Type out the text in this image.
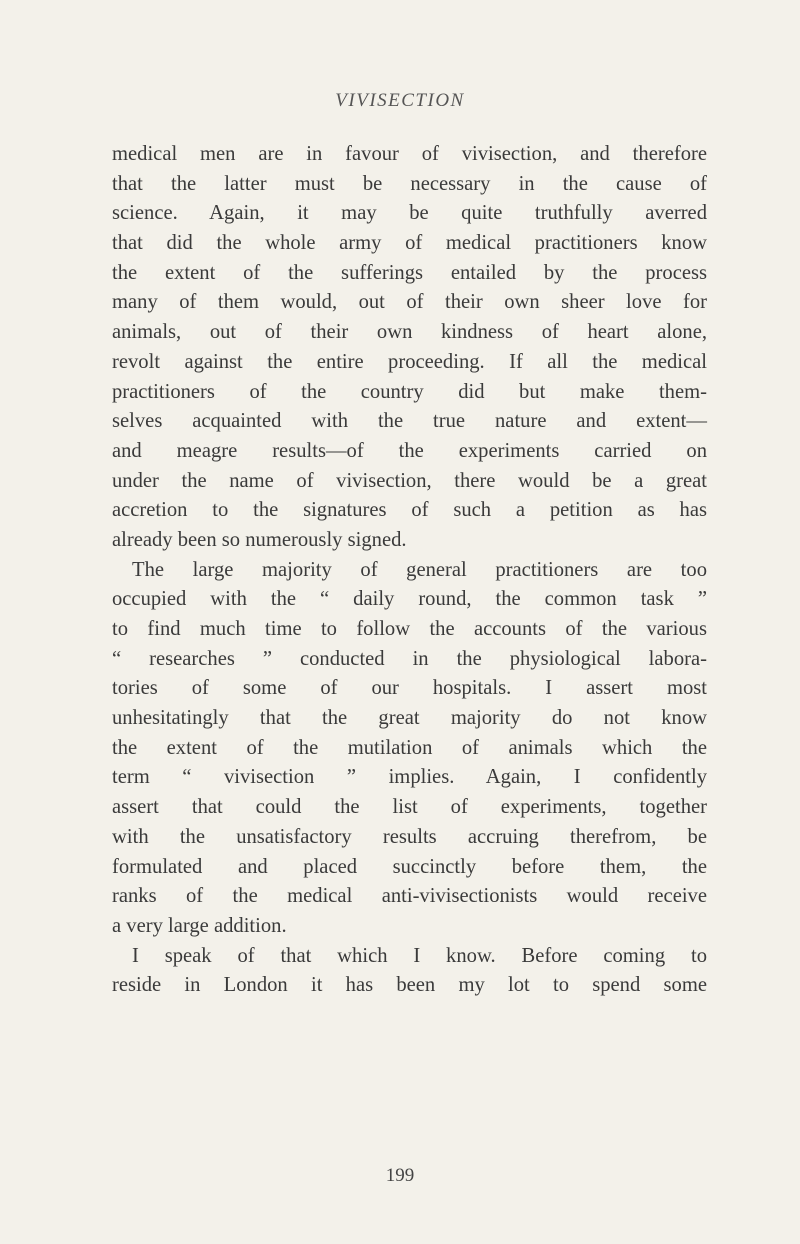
VIVISECTION
medical men are in favour of vivisection, and therefore
that the latter must be necessary in the cause of
science. Again, it may be quite truthfully averred
that did the whole army of medical practitioners know
the extent of the sufferings entailed by the process
many of them would, out of their own sheer love for
animals, out of their own kindness of heart alone,
revolt against the entire proceeding. If all the medical
practitioners of the country did but make them-
selves acquainted with the true nature and extent—
and meagre results—of the experiments carried on
under the name of vivisection, there would be a great
accretion to the signatures of such a petition as has
already been so numerously signed.
The large majority of general practitioners are too
occupied with the “ daily round, the common task ”
to find much time to follow the accounts of the various
“ researches ” conducted in the physiological labora-
tories of some of our hospitals. I assert most
unhesitatingly that the great majority do not know
the extent of the mutilation of animals which the
term “ vivisection ” implies. Again, I confidently
assert that could the list of experiments, together
with the unsatisfactory results accruing therefrom, be
formulated and placed succinctly before them, the
ranks of the medical anti-vivisectionists would receive
a very large addition.
I speak of that which I know. Before coming to
reside in London it has been my lot to spend some
199
